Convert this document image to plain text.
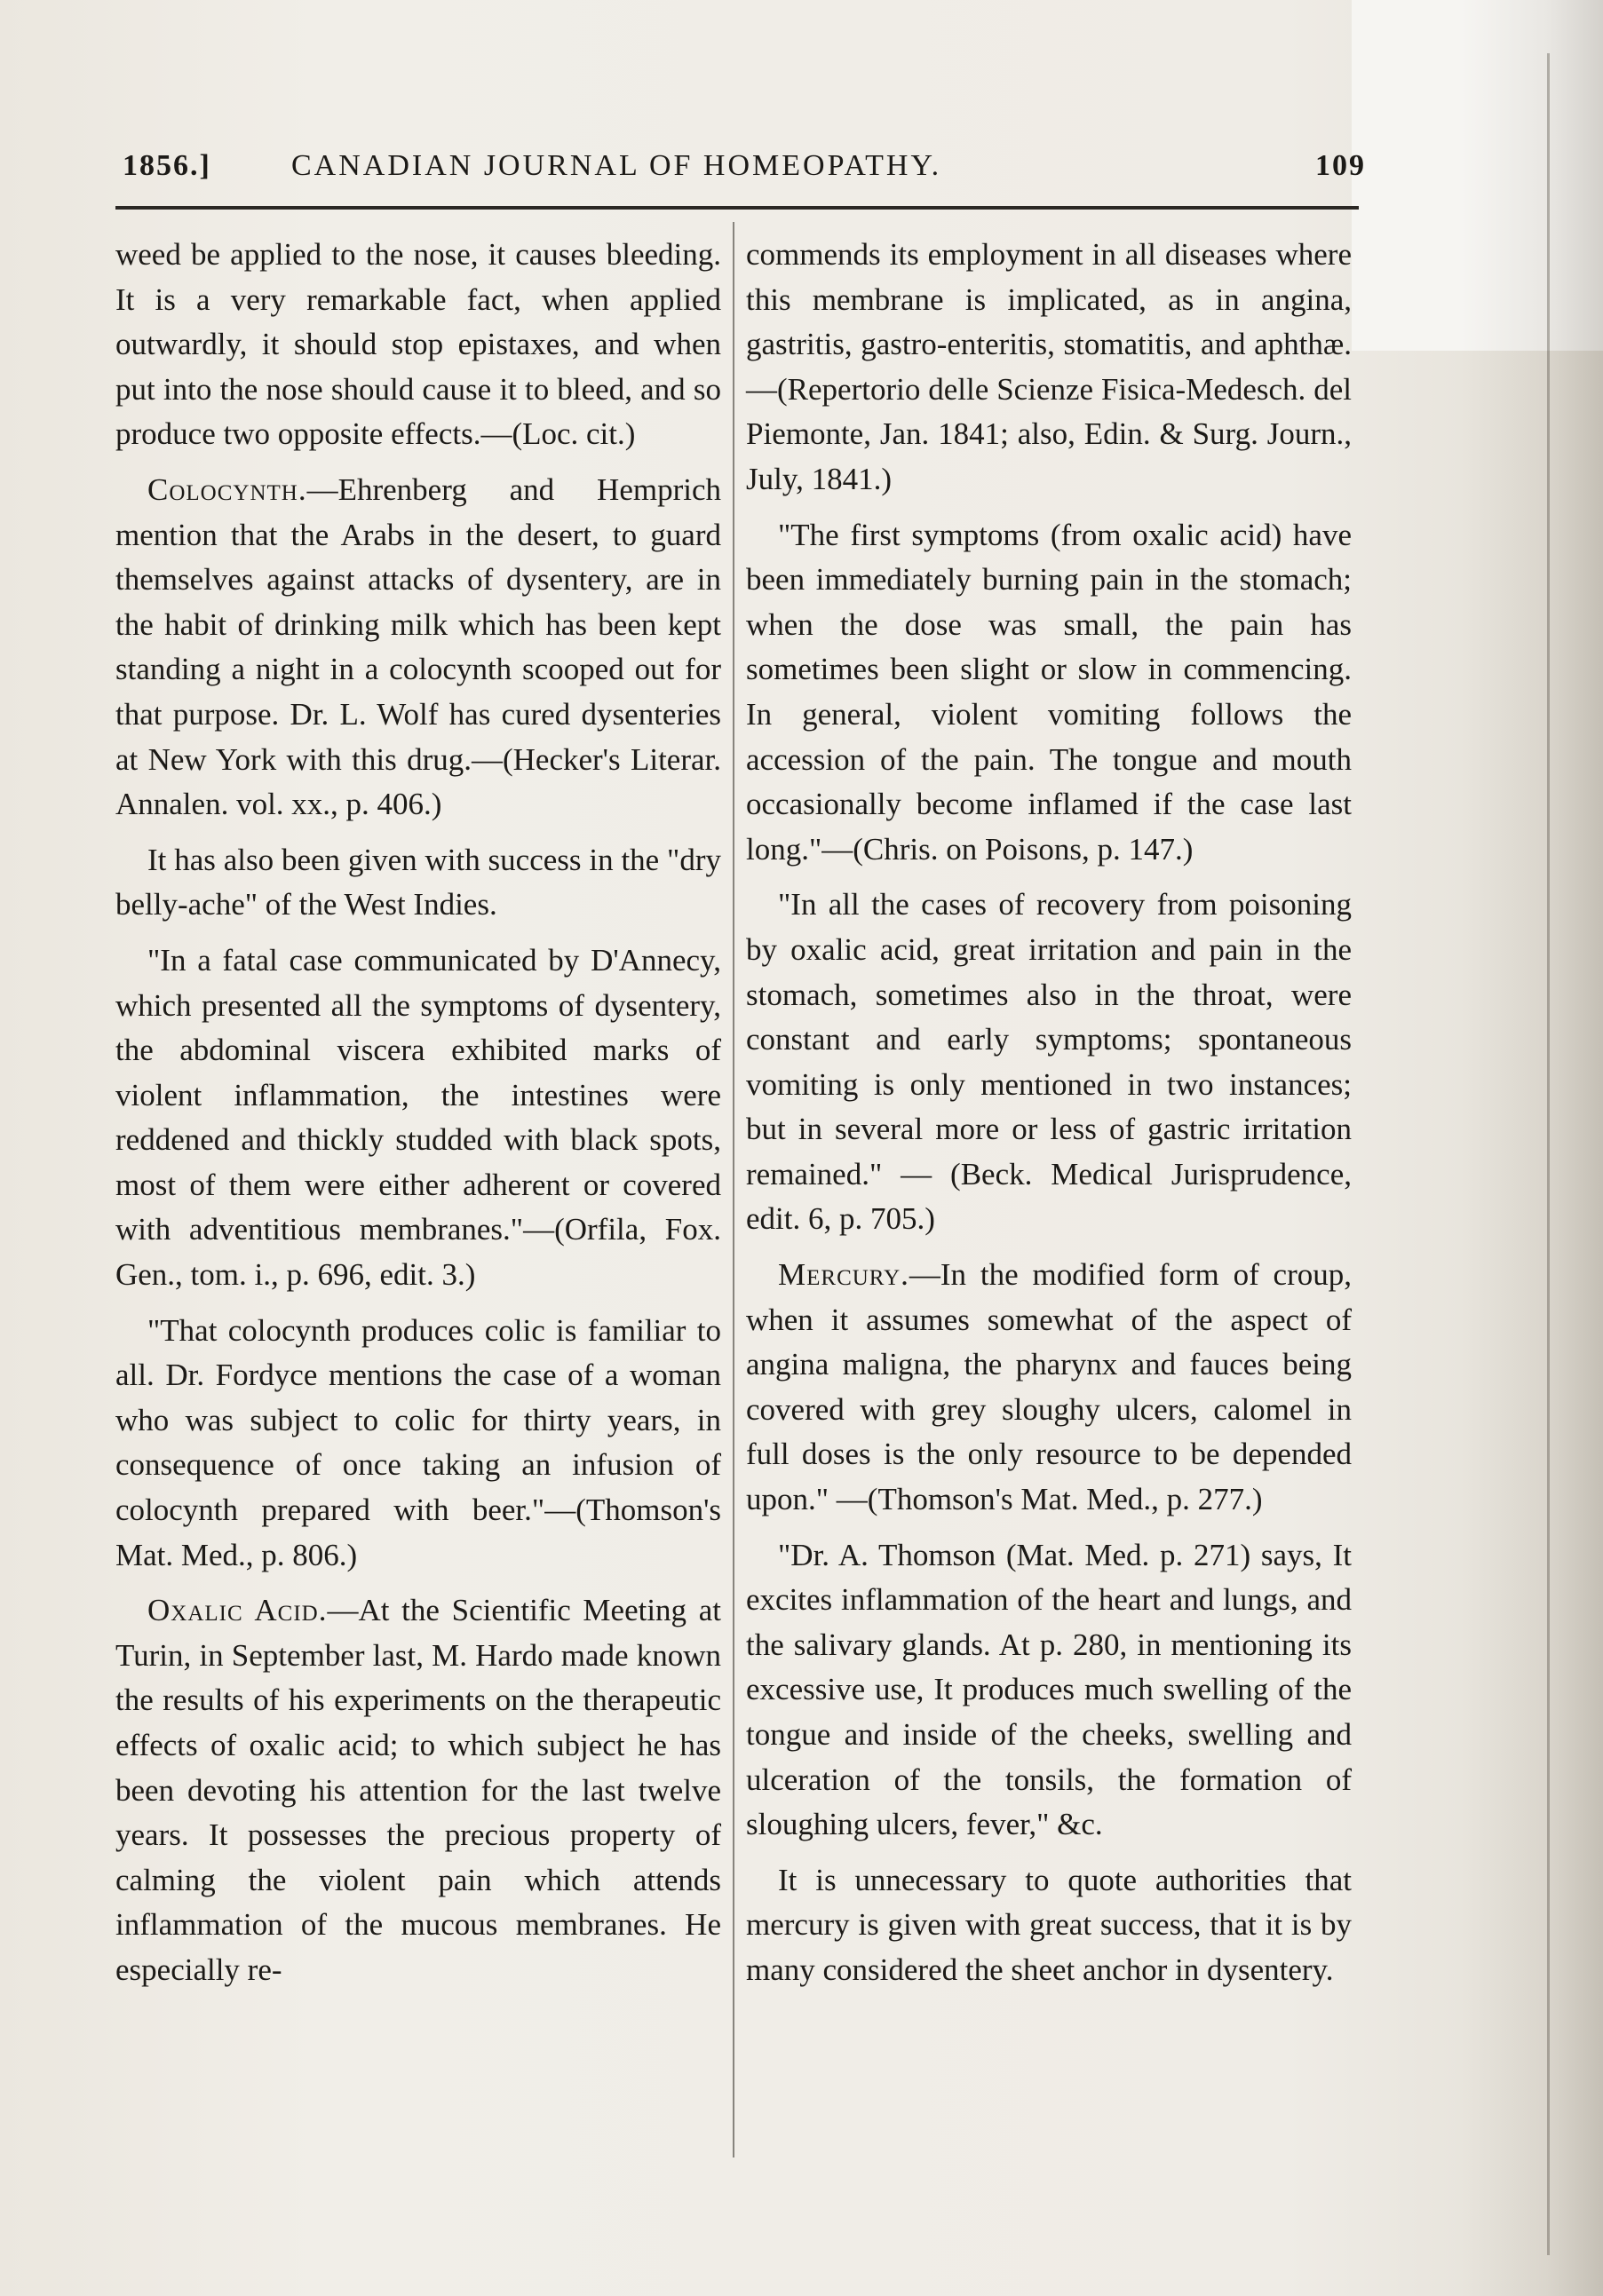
1856.]	CANADIAN JOURNAL OF HOMEOPATHY.	109

weed be applied to the nose, it causes bleeding. It is a very remarkable fact, when applied outwardly, it should stop epistaxes, and when put into the nose should cause it to bleed, and so produce two opposite effects.—(Loc. cit.)

Colocynth.—Ehrenberg and Hemprich mention that the Arabs in the desert, to guard themselves against attacks of dysentery, are in the habit of drinking milk which has been kept standing a night in a colocynth scooped out for that purpose. Dr. L. Wolf has cured dysenteries at New York with this drug.—(Hecker's Literar. Annalen. vol. xx., p. 406.)

It has also been given with success in the "dry belly-ache" of the West Indies.

"In a fatal case communicated by D'Annecy, which presented all the symptoms of dysentery, the abdominal viscera exhibited marks of violent inflammation, the intestines were reddened and thickly studded with black spots, most of them were either adherent or covered with adventitious membranes."—(Orfila, Fox. Gen., tom. i., p. 696, edit. 3.)

"That colocynth produces colic is familiar to all. Dr. Fordyce mentions the case of a woman who was subject to colic for thirty years, in consequence of once taking an infusion of colocynth prepared with beer."—(Thomson's Mat. Med., p. 806.)

Oxalic Acid.—At the Scientific Meeting at Turin, in September last, M. Hardo made known the results of his experiments on the therapeutic effects of oxalic acid; to which subject he has been devoting his attention for the last twelve years. It possesses the precious property of calming the violent pain which attends inflammation of the mucous membranes. He especially re-

commends its employment in all diseases where this membrane is implicated, as in angina, gastritis, gastro-enteritis, stomatitis, and aphthæ.—(Repertorio delle Scienze Fisica-Medesch. del Piemonte, Jan. 1841; also, Edin. & Surg. Journ., July, 1841.)

"The first symptoms (from oxalic acid) have been immediately burning pain in the stomach; when the dose was small, the pain has sometimes been slight or slow in commencing. In general, violent vomiting follows the accession of the pain. The tongue and mouth occasionally become inflamed if the case last long."—(Chris. on Poisons, p. 147.)

"In all the cases of recovery from poisoning by oxalic acid, great irritation and pain in the stomach, sometimes also in the throat, were constant and early symptoms; spontaneous vomiting is only mentioned in two instances; but in several more or less of gastric irritation remained." — (Beck. Medical Jurisprudence, edit. 6, p. 705.)

Mercury.—In the modified form of croup, when it assumes somewhat of the aspect of angina maligna, the pharynx and fauces being covered with grey sloughy ulcers, calomel in full doses is the only resource to be depended upon." —(Thomson's Mat. Med., p. 277.)

"Dr. A. Thomson (Mat. Med. p. 271) says, It excites inflammation of the heart and lungs, and the salivary glands. At p. 280, in mentioning its excessive use, It produces much swelling of the tongue and inside of the cheeks, swelling and ulceration of the tonsils, the formation of sloughing ulcers, fever," &c.

It is unnecessary to quote authorities that mercury is given with great success, that it is by many considered the sheet anchor in dysentery.
